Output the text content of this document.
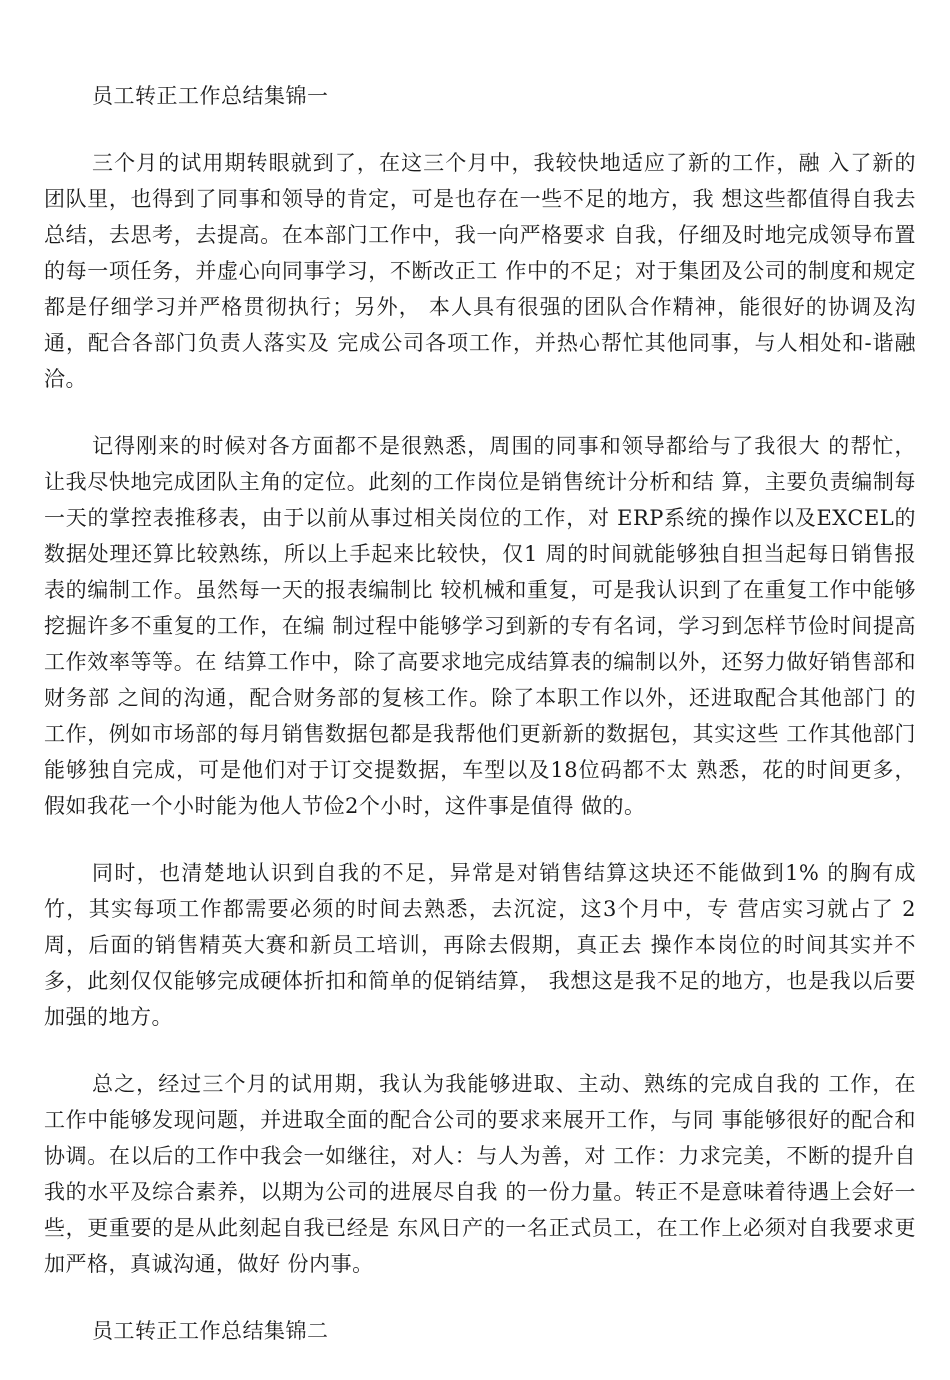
员工转正工作总结集锦一

三个月的试用期转眼就到了，在这三个月中，我较快地适应了新的工作，融 入了新的团队里，也得到了同事和领导的肯定，可是也存在一些不足的地方，我 想这些都值得自我去总结，去思考，去提高。在本部门工作中，我一向严格要求 自我，仔细及时地完成领导布置的每一项任务，并虚心向同事学习，不断改正工 作中的不足；对于集团及公司的制度和规定都是仔细学习并严格贯彻执行；另外， 本人具有很强的团队合作精神，能很好的协调及沟通，配合各部门负责人落实及 完成公司各项工作，并热心帮忙其他同事，与人相处和-谐融洽。

记得刚来的时候对各方面都不是很熟悉，周围的同事和领导都给与了我很大 的帮忙，让我尽快地完成团队主角的定位。此刻的工作岗位是销售统计分析和结 算，主要负责编制每一天的掌控表推移表，由于以前从事过相关岗位的工作，对 ERP系统的操作以及EXCEL的数据处理还算比较熟练，所以上手起来比较快，仅1 周的时间就能够独自担当起每日销售报表的编制工作。虽然每一天的报表编制比 较机械和重复，可是我认识到了在重复工作中能够挖掘许多不重复的工作，在编 制过程中能够学习到新的专有名词，学习到怎样节俭时间提高工作效率等等。在 结算工作中，除了高要求地完成结算表的编制以外，还努力做好销售部和财务部 之间的沟通，配合财务部的复核工作。除了本职工作以外，还进取配合其他部门 的工作，例如市场部的每月销售数据包都是我帮他们更新新的数据包，其实这些 工作其他部门能够独自完成，可是他们对于订交提数据，车型以及18位码都不太 熟悉，花的时间更多，假如我花一个小时能为他人节俭2个小时，这件事是值得 做的。

同时，也清楚地认识到自我的不足，异常是对销售结算这块还不能做到1% 的胸有成竹，其实每项工作都需要必须的时间去熟悉，去沉淀，这3个月中，专 营店实习就占了 2周，后面的销售精英大赛和新员工培训，再除去假期，真正去 操作本岗位的时间其实并不多，此刻仅仅能够完成硬体折扣和简单的促销结算， 我想这是我不足的地方，也是我以后要加强的地方。

总之，经过三个月的试用期，我认为我能够进取、主动、熟练的完成自我的 工作，在工作中能够发现问题，并进取全面的配合公司的要求来展开工作，与同 事能够很好的配合和协调。在以后的工作中我会一如继往，对人：与人为善，对 工作：力求完美，不断的提升自我的水平及综合素养，以期为公司的进展尽自我 的一份力量。转正不是意味着待遇上会好一些，更重要的是从此刻起自我已经是 东风日产的一名正式员工，在工作上必须对自我要求更加严格，真诚沟通，做好 份内事。

员工转正工作总结集锦二
